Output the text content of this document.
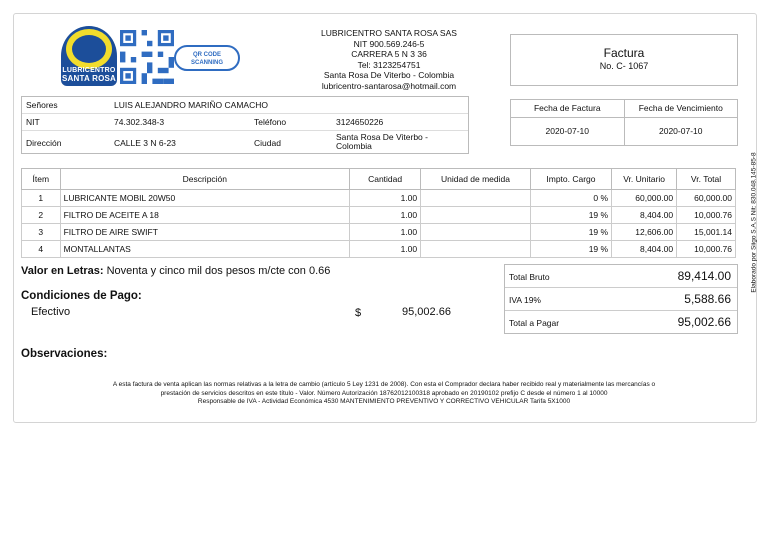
LUBRICENTRO
SANTA ROSA
QR CODE
SCANNING
LUBRICENTRO SANTA ROSA SAS
NIT 900.569.246-5
CARRERA 5 N 3 36
Tel: 3123254751
Santa Rosa De Viterbo - Colombia
lubricentro-santarosa@hotmail.com
Factura
No. C- 1067
Señores	LUIS ALEJANDRO MARIÑO CAMACHO
NIT	74.302.348-3	Teléfono	3124650226
Dirección	CALLE 3 N 6-23	Ciudad
Santa Rosa De Viterbo - Colombia
Fecha de Factura	Fecha de Vencimiento
2020-07-10	2020-07-10
Ítem	Descripción	Cantidad	Unidad de medida	Impto. Cargo	Vr. Unitario	Vr. Total
1	LUBRICANTE MOBIL 20W50	1.00		0 %	60,000.00	60,000.00
2	FILTRO DE ACEITE A 18	1.00		19 %	8,404.00	10,000.76
3	FILTRO DE AIRE SWIFT	1.00		19 %	12,606.00	15,001.14
4	MONTALLANTAS	1.00		19 %	8,404.00	10,000.76
Valor en Letras: Noventa y cinco mil dos pesos m/cte con 0.66
Condiciones de Pago:
Efectivo	$	95,002.66
Total Bruto	89,414.00
IVA 19%	5,588.66
Total a Pagar	95,002.66
Observaciones:
A esta factura de venta aplican las normas relativas a la letra de cambio (artículo 5 Ley 1231 de 2008). Con esta el Comprador declara haber recibido real y materialmente las mercancías o
prestación de servicios descritos en este título - Valor. Número Autorización 18762012100318 aprobado en 20190102 prefijo C desde el número 1 al 10000
Responsable de IVA - Actividad Económica 4530 MANTENIMIENTO PREVENTIVO Y CORRECTIVO VEHICULAR Tarifa 5X1000
Elaborado por Siigo S.A.S Nit: 830.048.145-85-8
